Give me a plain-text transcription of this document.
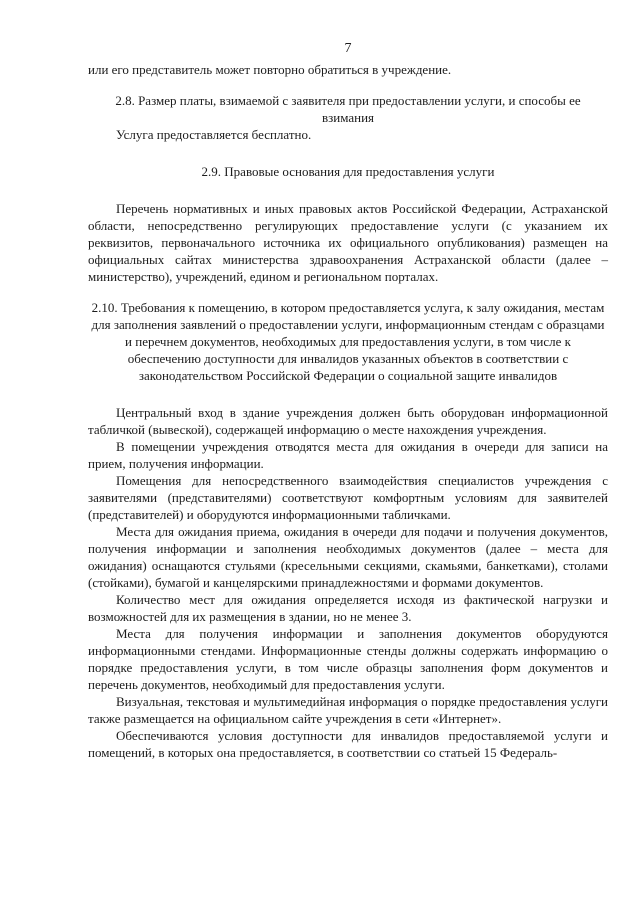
7

или его представитель может повторно обратиться в учреждение.

2.8. Размер платы, взимаемой с заявителя при предоставлении услуги, и способы ее взимания

Услуга предоставляется бесплатно.

2.9. Правовые основания для предоставления услуги

Перечень нормативных и иных правовых актов Российской Федерации, Астраханской области, непосредственно регулирующих предоставление услуги (с указанием их реквизитов, первоначального источника их официального опубликования) размещен на официальных сайтах министерства здравоохранения Астраханской области (далее – министерство), учреждений, едином и региональном порталах.

2.10. Требования к помещению, в котором предоставляется услуга, к залу ожидания, местам для заполнения заявлений о предоставлении услуги, информационным стендам с образцами и перечнем документов, необходимых для предоставления услуги, в том числе к обеспечению доступности для инвалидов указанных объектов в соответствии с законодательством Российской Федерации о социальной защите инвалидов

Центральный вход в здание учреждения должен быть оборудован информационной табличкой (вывеской), содержащей информацию о месте нахождения учреждения.

В помещении учреждения отводятся места для ожидания в очереди для записи на прием, получения информации.

Помещения для непосредственного взаимодействия специалистов учреждения с заявителями (представителями) соответствуют комфортным условиям для заявителей (представителей) и оборудуются информационными табличками.

Места для ожидания приема, ожидания в очереди для подачи и получения документов, получения информации и заполнения необходимых документов (далее – места для ожидания) оснащаются стульями (кресельными секциями, скамьями, банкетками), столами (стойками), бумагой и канцелярскими принадлежностями и формами документов.

Количество мест для ожидания определяется исходя из фактической нагрузки и возможностей для их размещения в здании, но не менее 3.

Места для получения информации и заполнения документов оборудуются информационными стендами. Информационные стенды должны содержать информацию о порядке предоставления услуги, в том числе образцы заполнения форм документов и перечень документов, необходимый для предоставления услуги.

Визуальная, текстовая и мультимедийная информация о порядке предоставления услуги также размещается на официальном сайте учреждения в сети «Интернет».

Обеспечиваются условия доступности для инвалидов предоставляемой услуги и помещений, в которых она предоставляется, в соответствии со статьей 15 Федераль-
